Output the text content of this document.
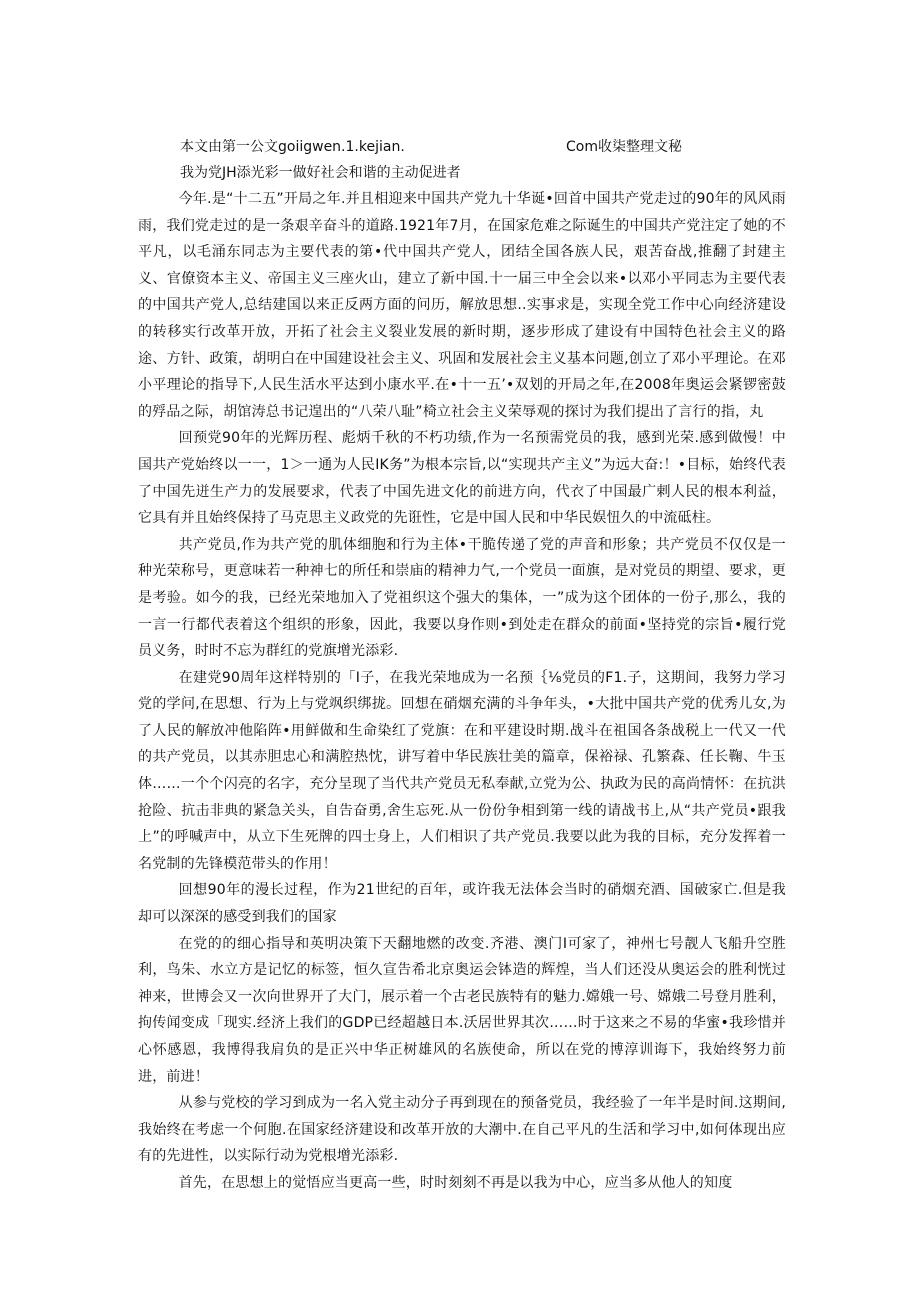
本文由第一公文goiigwen.1.kejian.	Com收柒整理文秘
我为党JH添光彩一做好社会和谐的主动促进者

今年.是“十二五”开局之年.并且相迎来中国共产党九十华诞•回首中国共产党走过的90年的风风雨雨，我们党走过的是一条艰辛奋斗的道路.1921年7月，在国家危难之际诞生的中国共产党注定了她的不平凡，以毛涌东同志为主要代表的第•代中国共产党人，团结全国各族人民，艰苦奋战,推翻了封建主义、官僚资本主义、帝国主义三座火山，建立了新中国.十一届三中全会以来•以邓小平同志为主要代表的中国共产党人,总结建国以来正反两方面的问历，解放思想..实事求是，实现全党工作中心向经济建设的转移实行改革开放，开拓了社会主义裂业发展的新时期，逐步形成了建设有中国特色社会主义的路途、方针、政策，胡明白在中国建设社会主义、巩固和发展社会主义基本问题,创立了邓小平理论。在邓小平理论的指导下,人民生活水平达到小康水平.在•十一五’•双划的开局之年,在2008年奥运会紧锣密鼓的殍品之际，胡馆涛总书记遑出的“八荣八耻”椅立社会主义荣辱观的探讨为我们提出了言行的指，丸

回预党90年的光辉历程、彪炳千秋的不朽功绩,作为一名预需党员的我，感到光荣.感到做慢！中国共产党始终以一一，1＞一通为人民IK务”为根本宗旨,以“实现共产主义”为远大奋:！•目标，始终代表了中国先迸生产力的发展要求，代表了中国先进文化的前进方向，代衣了中国最广剌人民的根本利益，它具有并且始终保持了马克思主义政党的先诳性，它是中国人民和中华民娱忸久的中流砥柱。

共产党员,作为共产党的肌体细胞和行为主体•干脆传递了党的声音和形象；共产党员不仅仅是一种光荣称号，更意味若一种神七的所任和崇庙的精神力气,一个党员一面旗，是对党员的期望、要求，更是考验。如今的我，已经光荣地加入了党祖织这个强大的集体，一”成为这个团体的一份子,那么，我的一言一行都代表着这个组织的形象，因此，我要以身作则•到处走在群众的前面•坚持党的宗旨•履行党员义务，时时不忘为群红的党旗增光添彩.

在建党90周年这样特别的「I子，在我光荣地成为一名预｛⅛党员的F1.子，这期间，我努力学习党的学问,在思想、行为上与党飒织绑拢。回想在硝烟充满的斗争年头，•大批中国共产党的优秀儿女,为了人民的解放冲他陷阵•用鲜做和生命染红了党旗：在和平建设时期.战斗在祖国各条战税上一代又一代的共产党员，以其赤胆忠心和满腔热忱，讲写着中华民族壮美的篇章，保裕禄、孔繁森、任长鞠、牛玉体……一个个闪亮的名字，充分呈现了当代共产党员无私奉献,立党为公、执政为民的高尚情怀：在抗洪抢险、抗击非典的紧急关头，自告奋勇,舍生忘死.从一份份争相到第一线的请战书上,从“共产党员•跟我上”的呼喊声中，从立下生死牌的四士身上，人们相识了共产党员.我要以此为我的目标，充分发挥着一名党制的先锋模范带头的作用！

回想90年的漫长过程，作为21世纪的百年，或许我无法体会当时的硝烟充酒、国破家亡.但是我却可以深深的感受到我们的国家

在党的的细心指导和英明决策下天翻地燃的改变.齐港、澳门I可家了，神州七号靓人飞船升空胜利，鸟朱、水立方是记忆的标签，恒久宣告希北京奥运会钵造的辉煌，当人们还没从奥运会的胜利恍过神来，世博会又一次向世界开了大门，展示着一个古老民族特有的魅力.嫦娥一号、嫦娥二号登月胜利，拘传闻变成「现实.经济上我们的GDP已经超越日本.沃居世界其次……时于这来之不易的华蜜•我珍惜并心怀感恩，我博得我肩负的是正兴中华正树雄风的名族使命，所以在党的博淳训诲下，我始终努力前进，前进！

从参与党校的学习到成为一名入党主动分子再到现在的预备党员，我经验了一年半是时间.这期间,我始终在考虑一个何胞.在国家经济建设和改革开放的大潮中.在自己平凡的生活和学习中,如何体现出应有的先进性，以实际行动为党根增光添彩.

首先，在思想上的觉悟应当更高一些，时时刻刻不再是以我为中心，应当多从他人的知度
